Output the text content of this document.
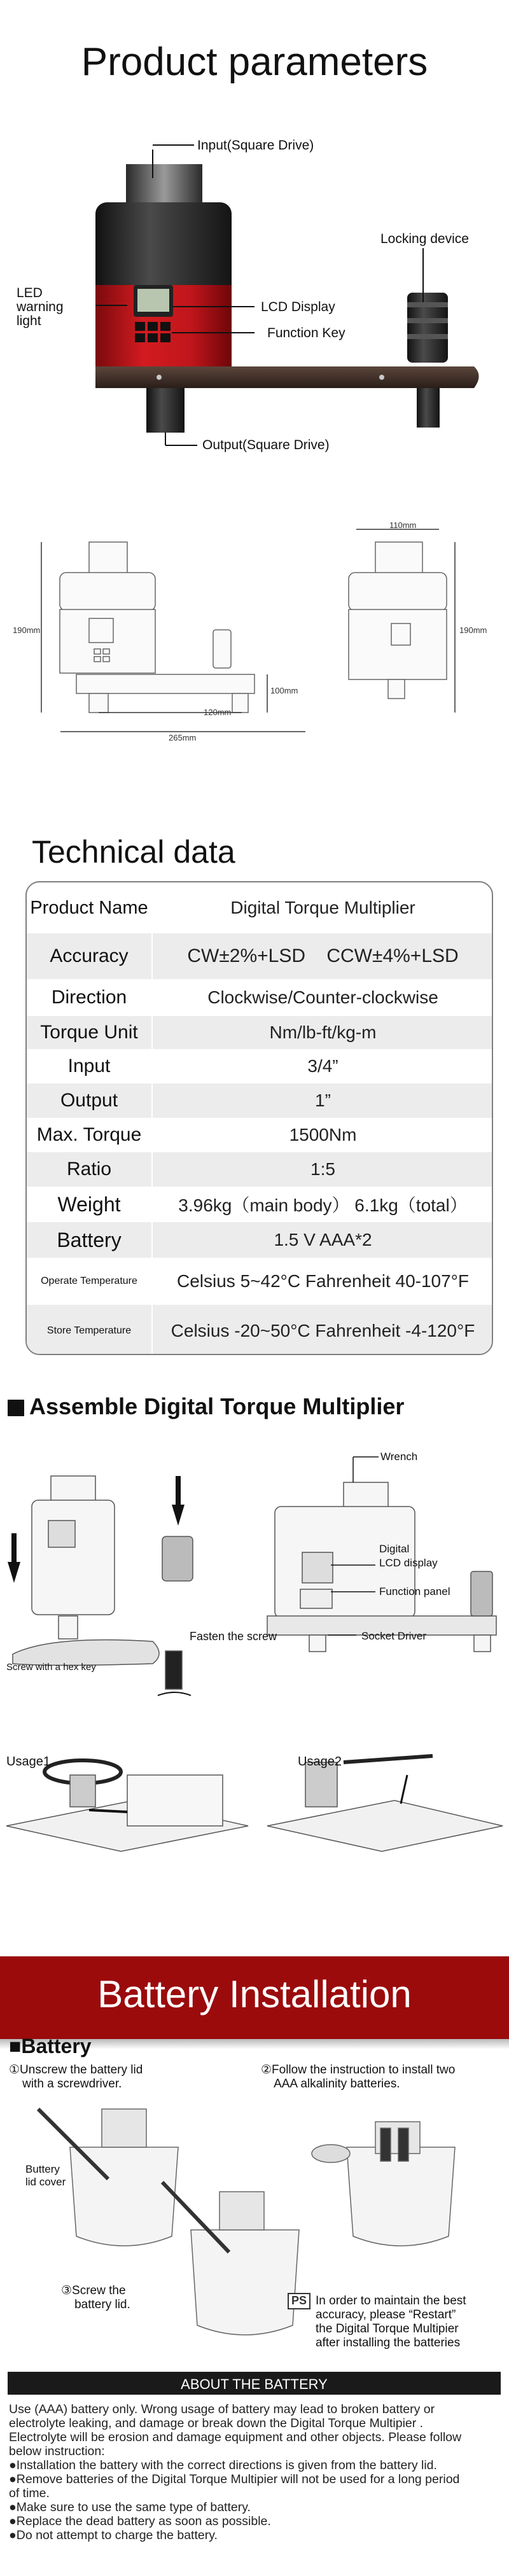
Product parameters
Input(Square Drive)
Locking device
LED
warning
light
LCD Display
Function Key
Output(Square Drive)
190mm
110mm
190mm
100mm
120mm
265mm
Technical data
Product Name	Digital Torque Multiplier
Accuracy	CW±2%+LSD    CCW±4%+LSD
Direction	Clockwise/Counter-clockwise
Torque Unit	Nm/lb-ft/kg-m
Input	3/4”
Output	1”
Max. Torque	1500Nm
Ratio	1:5
Weight	3.96kg（main body） 6.1kg（total）
Battery	1.5 V AAA*2
Operate Temperature	Celsius 5~42°C Fahrenheit 40-107°F
Store Temperature	Celsius -20~50°C Fahrenheit -4-120°F
Assemble Digital Torque Multiplier
Wrench
Digital
LCD display
Function panel
Socket Driver
Fasten the screw
Screw with a hex key
Usage1	Usage2
Battery Installation
■Battery
①Unscrew the battery lid
with a screwdriver.
②Follow the instruction to install two
AAA alkalinity batteries.
Buttery
lid cover
③Screw the
battery lid.	PS In order to maintain the best
accuracy, please “Restart”
the Digital Torque Multipier
after installing the batteries
ABOUT THE BATTERY

Use (AAA) battery only. Wrong usage of battery may lead to broken battery or

electrolyte leaking, and damage or break down the Digital Torque Multipier .

Electrolyte will be erosion and damage equipment and other objects. Please follow

below instruction:

●Installation the battery with the correct directions is given from the battery lid.

●Remove batteries of the Digital Torque Multipier will not be used for a long period

of time.

●Make sure to use the same type of battery.

●Replace the dead battery as soon as possible.

●Do not attempt to charge the battery.
